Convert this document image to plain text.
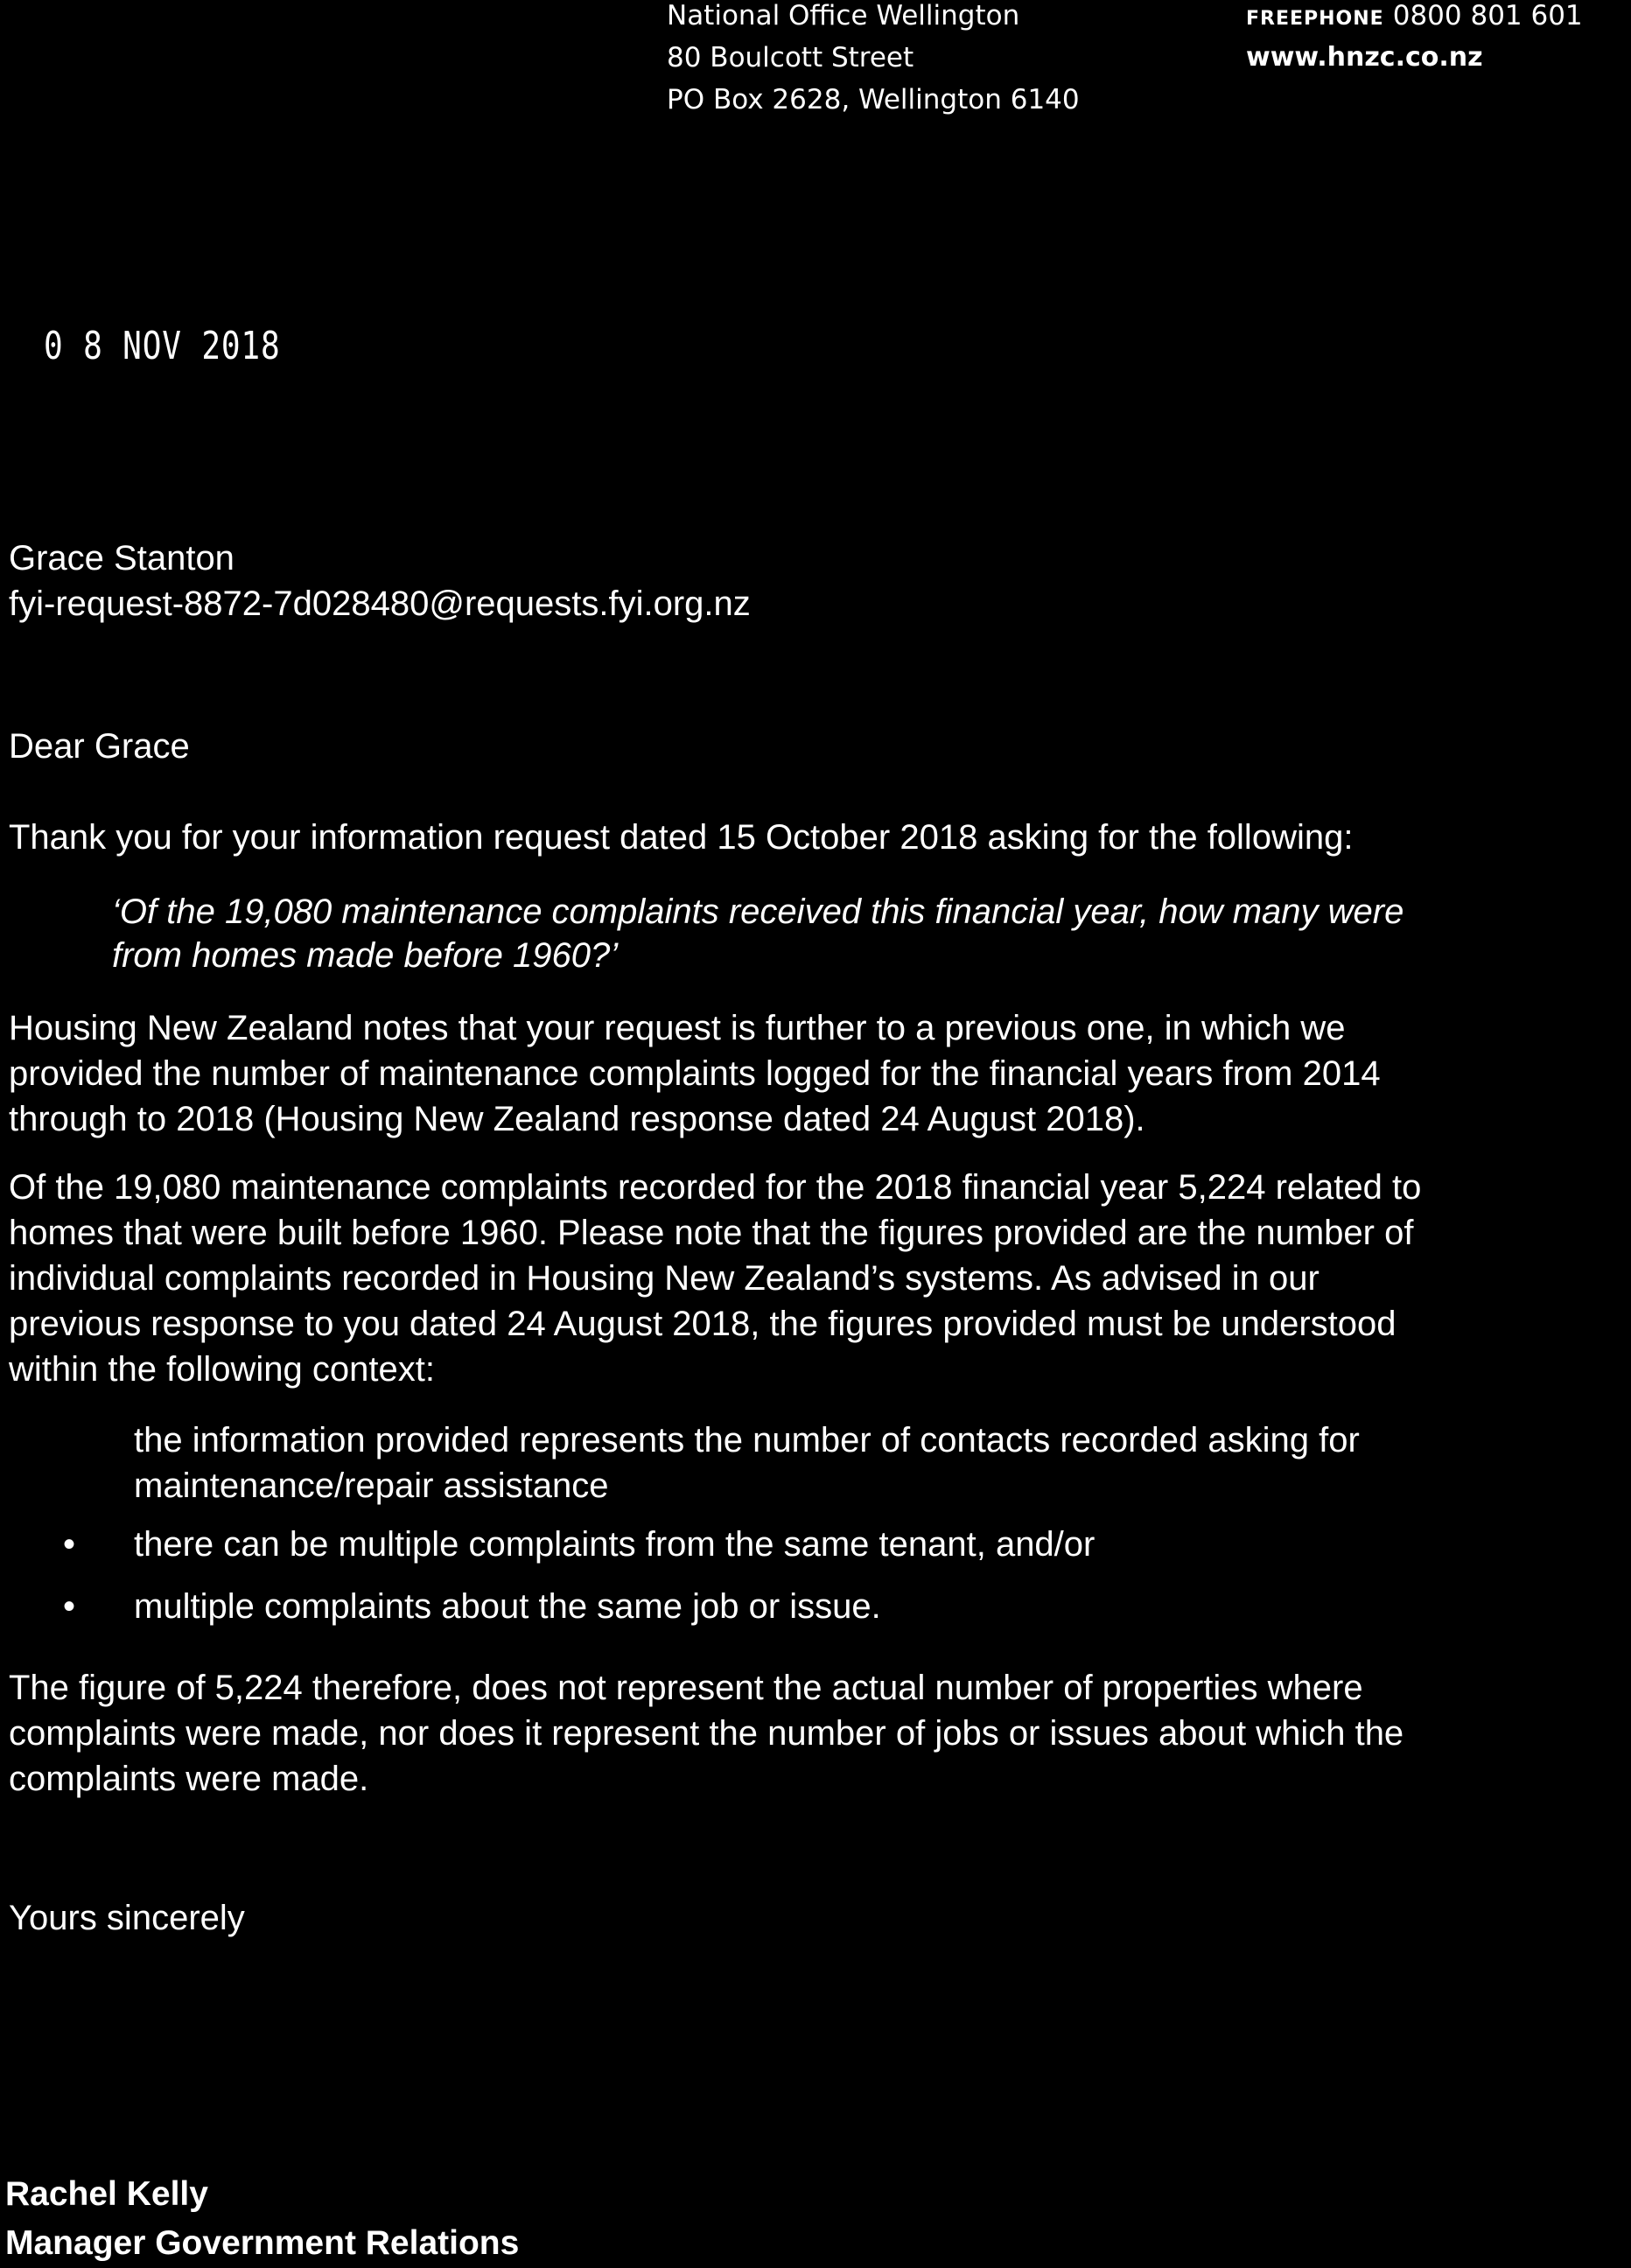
National Office Wellington
80 Boulcott Street
PO Box 2628, Wellington 6140
FREEPHONE 0800 801 601
www.hnzc.co.nz
0 8 NOV 2018
Grace Stanton
fyi-request-8872-7d028480@requests.fyi.org.nz
Dear Grace
Thank you for your information request dated 15 October 2018 asking for the following:
‘Of the 19,080 maintenance complaints received this financial year, how many were
from homes made before 1960?’
Housing New Zealand notes that your request is further to a previous one, in which we
provided the number of maintenance complaints logged for the financial years from 2014
through to 2018 (Housing New Zealand response dated 24 August 2018).
Of the 19,080 maintenance complaints recorded for the 2018 financial year 5,224 related to
homes that were built before 1960. Please note that the figures provided are the number of
individual complaints recorded in Housing New Zealand’s systems. As advised in our
previous response to you dated 24 August 2018, the figures provided must be understood
within the following context:
the information provided represents the number of contacts recorded asking for
maintenance/repair assistance
• there can be multiple complaints from the same tenant, and/or
• multiple complaints about the same job or issue.
The figure of 5,224 therefore, does not represent the actual number of properties where
complaints were made, nor does it represent the number of jobs or issues about which the
complaints were made.
Yours sincerely
Rachel Kelly
Manager Government Relations
